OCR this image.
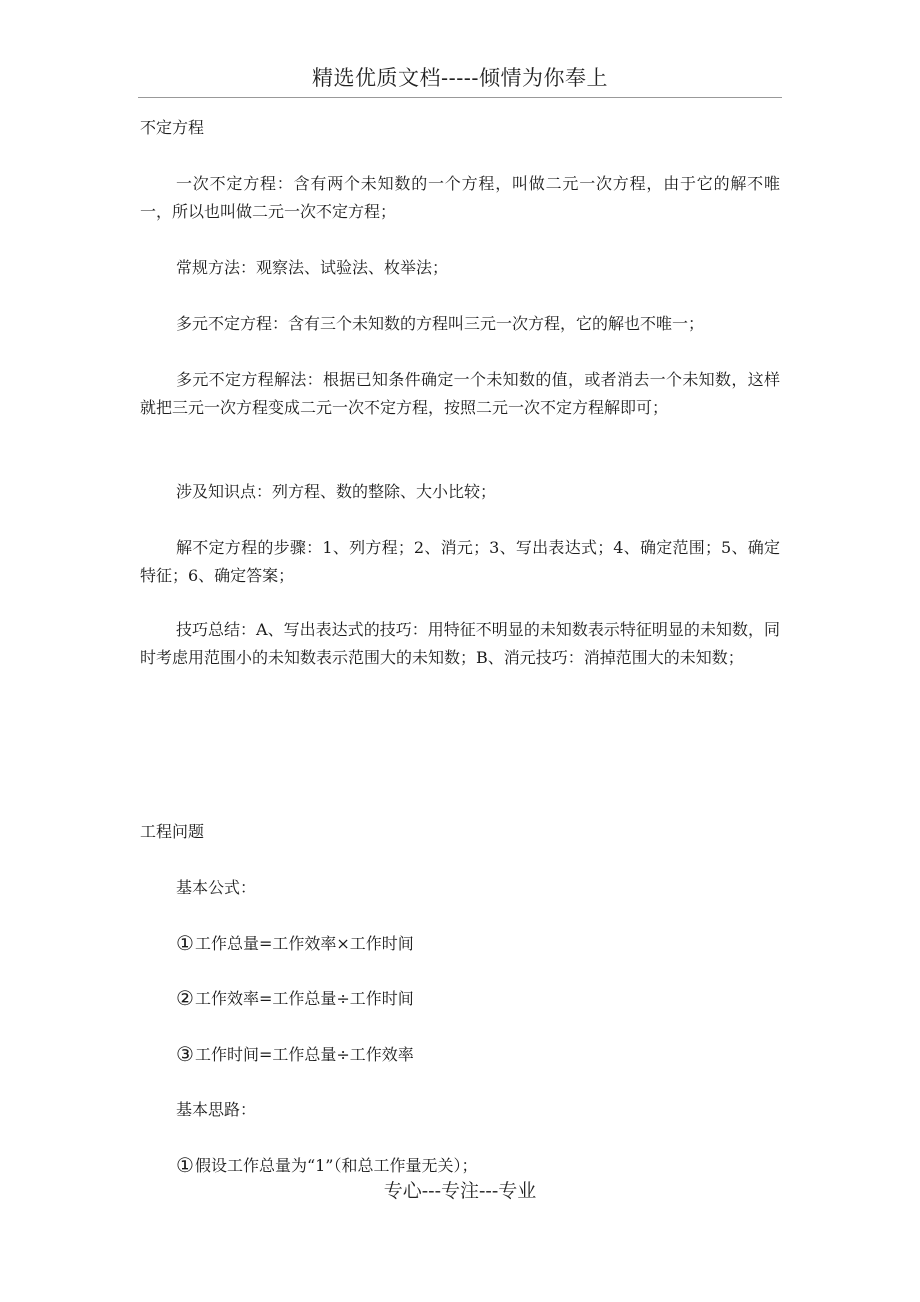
精选优质文档-----倾情为你奉上
不定方程

一次不定方程：含有两个未知数的一个方程，叫做二元一次方程，由于它的解不唯一，所以也叫做二元一次不定方程；

常规方法：观察法、试验法、枚举法；

多元不定方程：含有三个未知数的方程叫三元一次方程，它的解也不唯一；

多元不定方程解法：根据已知条件确定一个未知数的值，或者消去一个未知数，这样就把三元一次方程变成二元一次不定方程，按照二元一次不定方程解即可；

涉及知识点：列方程、数的整除、大小比较；

解不定方程的步骤：1、列方程；2、消元；3、写出表达式；4、确定范围；5、确定特征；6、确定答案；

技巧总结：A、写出表达式的技巧：用特征不明显的未知数表示特征明显的未知数，同时考虑用范围小的未知数表示范围大的未知数；B、消元技巧：消掉范围大的未知数；

工程问题
基本公式：
①工作总量=工作效率×工作时间
②工作效率=工作总量÷工作时间
③工作时间=工作总量÷工作效率
基本思路：
①假设工作总量为“1”（和总工作量无关）；
专心---专注---专业
